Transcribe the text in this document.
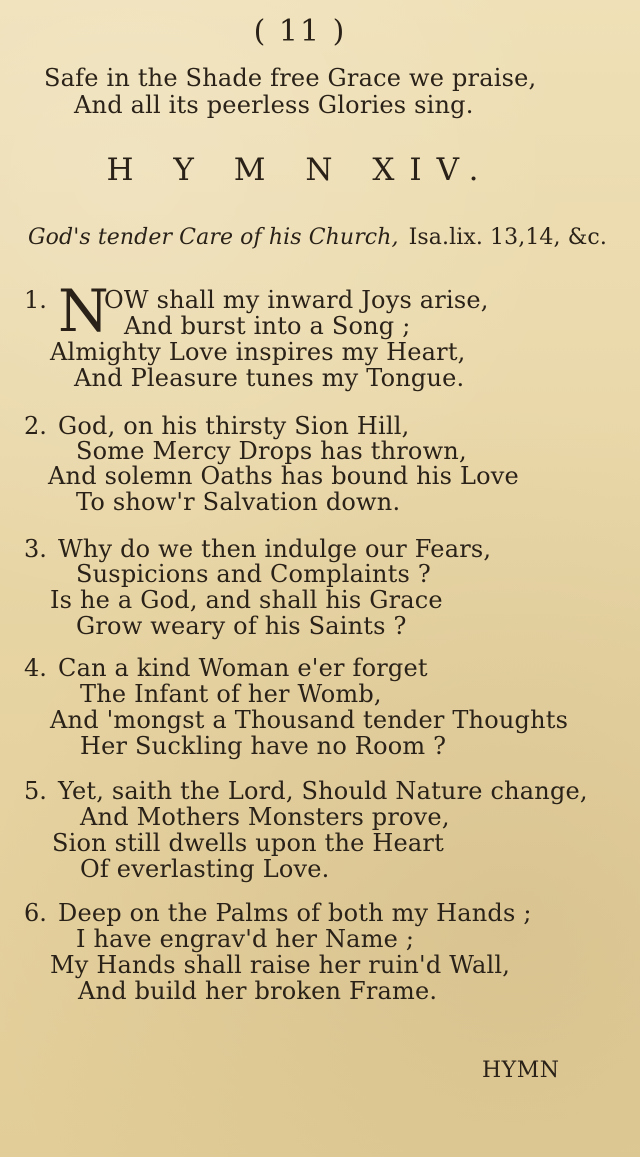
( 11 )
Safe in the Shade free Grace we praise,
And all its peerless Glories sing.
H Y M N XIV.
God's tender Care of his Church, Isa.lix. 13,14, &c.
1. N
OW shall my inward Joys arise,
And burst into a Song ;
Almighty Love inspires my Heart,
And Pleasure tunes my Tongue.
2. God, on his thirsty Sion Hill,
Some Mercy Drops has thrown,
And solemn Oaths has bound his Love
To show'r Salvation down.
3. Why do we then indulge our Fears,
Suspicions and Complaints ?
Is he a God, and shall his Grace
Grow weary of his Saints ?
4. Can a kind Woman e'er forget
The Infant of her Womb,
And 'mongst a Thousand tender Thoughts
Her Suckling have no Room ?
5. Yet, saith the Lord, Should Nature change,
And Mothers Monsters prove,
Sion still dwells upon the Heart
Of everlasting Love.
6. Deep on the Palms of both my Hands ;
I have engrav'd her Name ;
My Hands shall raise her ruin'd Wall,
And build her broken Frame.
HYMN
